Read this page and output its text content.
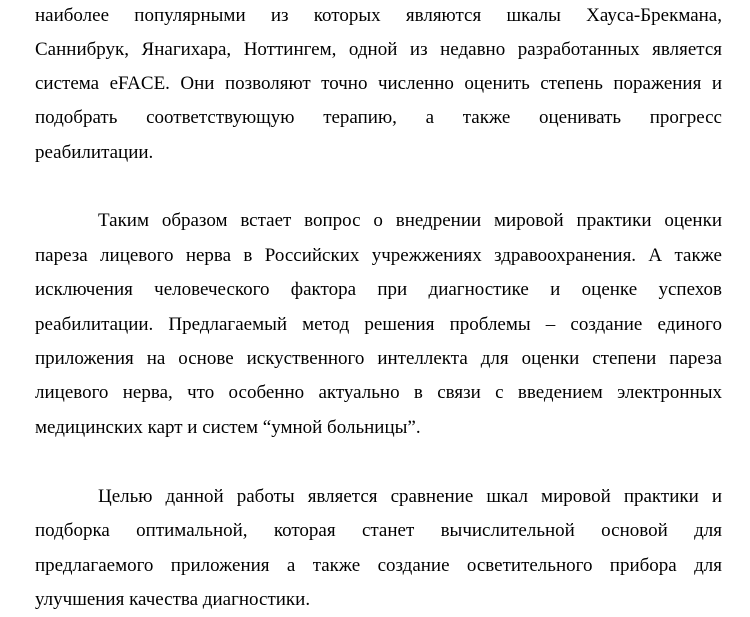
наиболее популярными из которых являются шкалы Хауса-Брекмана,
Саннибрук, Янагихара, Ноттингем, одной из недавно разработанных является
система eFACE. Они позволяют точно численно оценить степень поражения и
подобрать соответствующую терапию, а также оценивать прогресс
реабилитации.
Таким образом встает вопрос о внедрении мировой практики оценки
пареза лицевого нерва в Российских учрежжениях здравоохранения. А также
исключения человеческого фактора при диагностике и оценке успехов
реабилитации. Предлагаемый метод решения проблемы – создание единого
приложения на основе искуственного интеллекта для оценки степени пареза
лицевого нерва, что особенно актуально в связи с введением электронных
медицинских карт и систем “умной больницы”.
Целью данной работы является сравнение шкал мировой практики и
подборка оптимальной, которая станет вычислительной основой для
предлагаемого приложения а также создание осветительного прибора для
улучшения качества диагностики.
